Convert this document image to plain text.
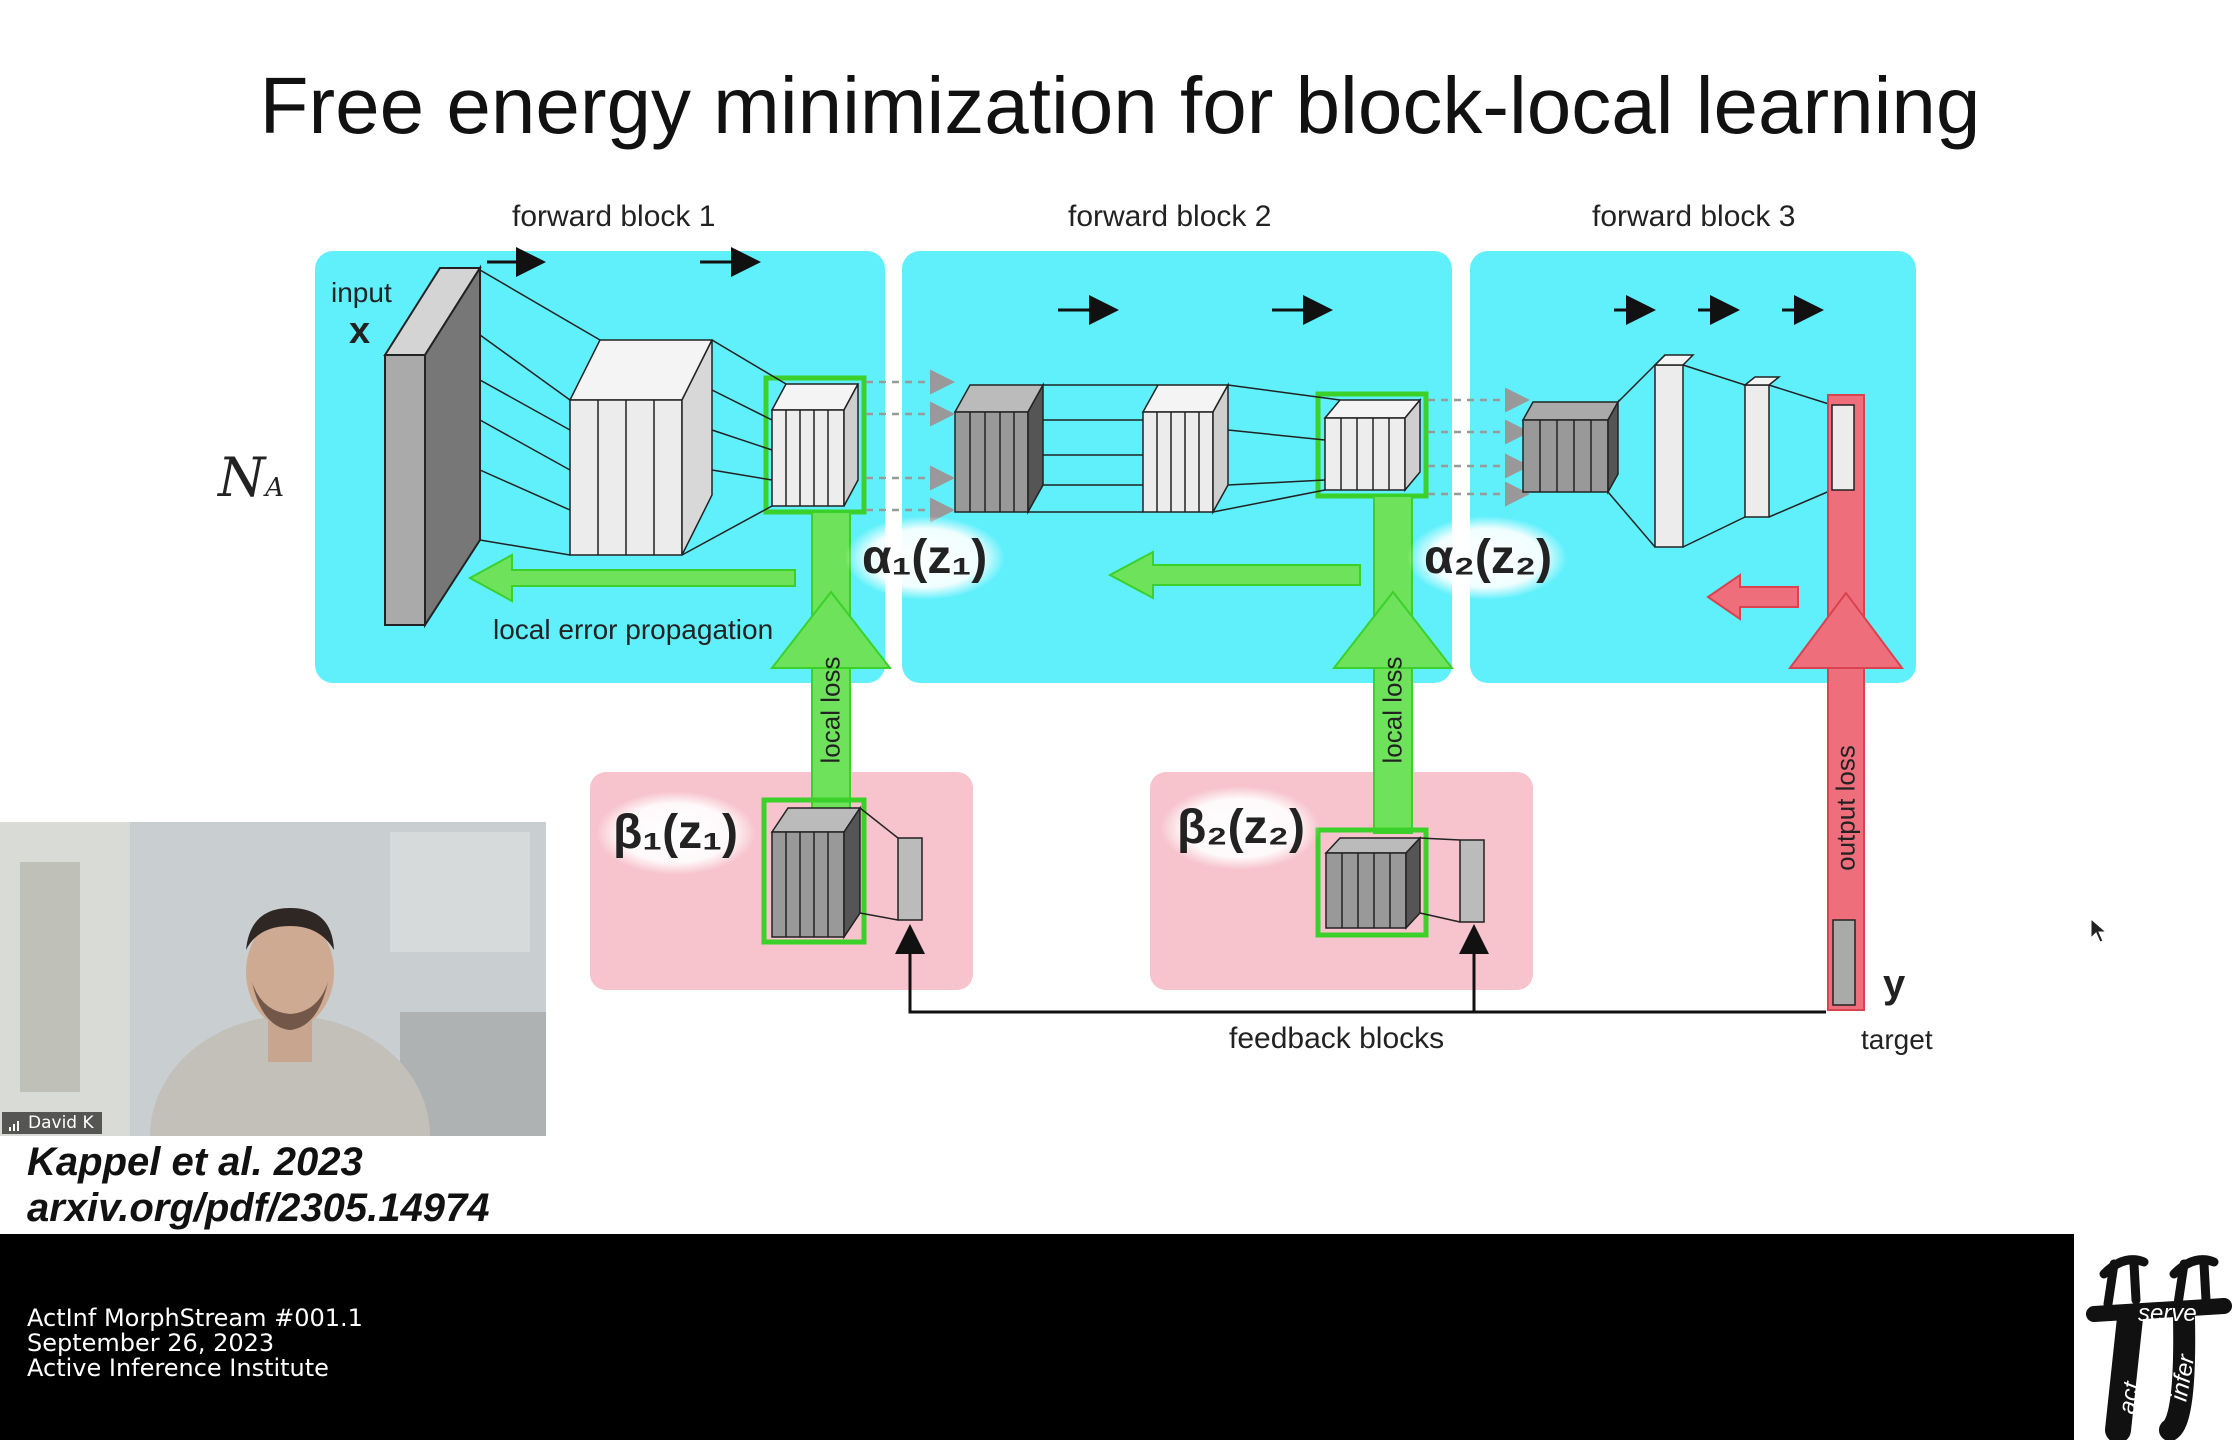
Free energy minimization for block-local learning
forward block 1	forward block 2	forward block 3
input
x
NA
α₁(z₁)	α₂(z₂)
β₁(z₁)	β₂(z₂)
local error propagation
local loss	local loss
output loss
feedback blocks
y
target
David K
Kappel et al. 2023
arxiv.org/pdf/2305.14974
ActInf MorphStream #001.1
September 26, 2023
Active Inference Institute
serve
act infer
